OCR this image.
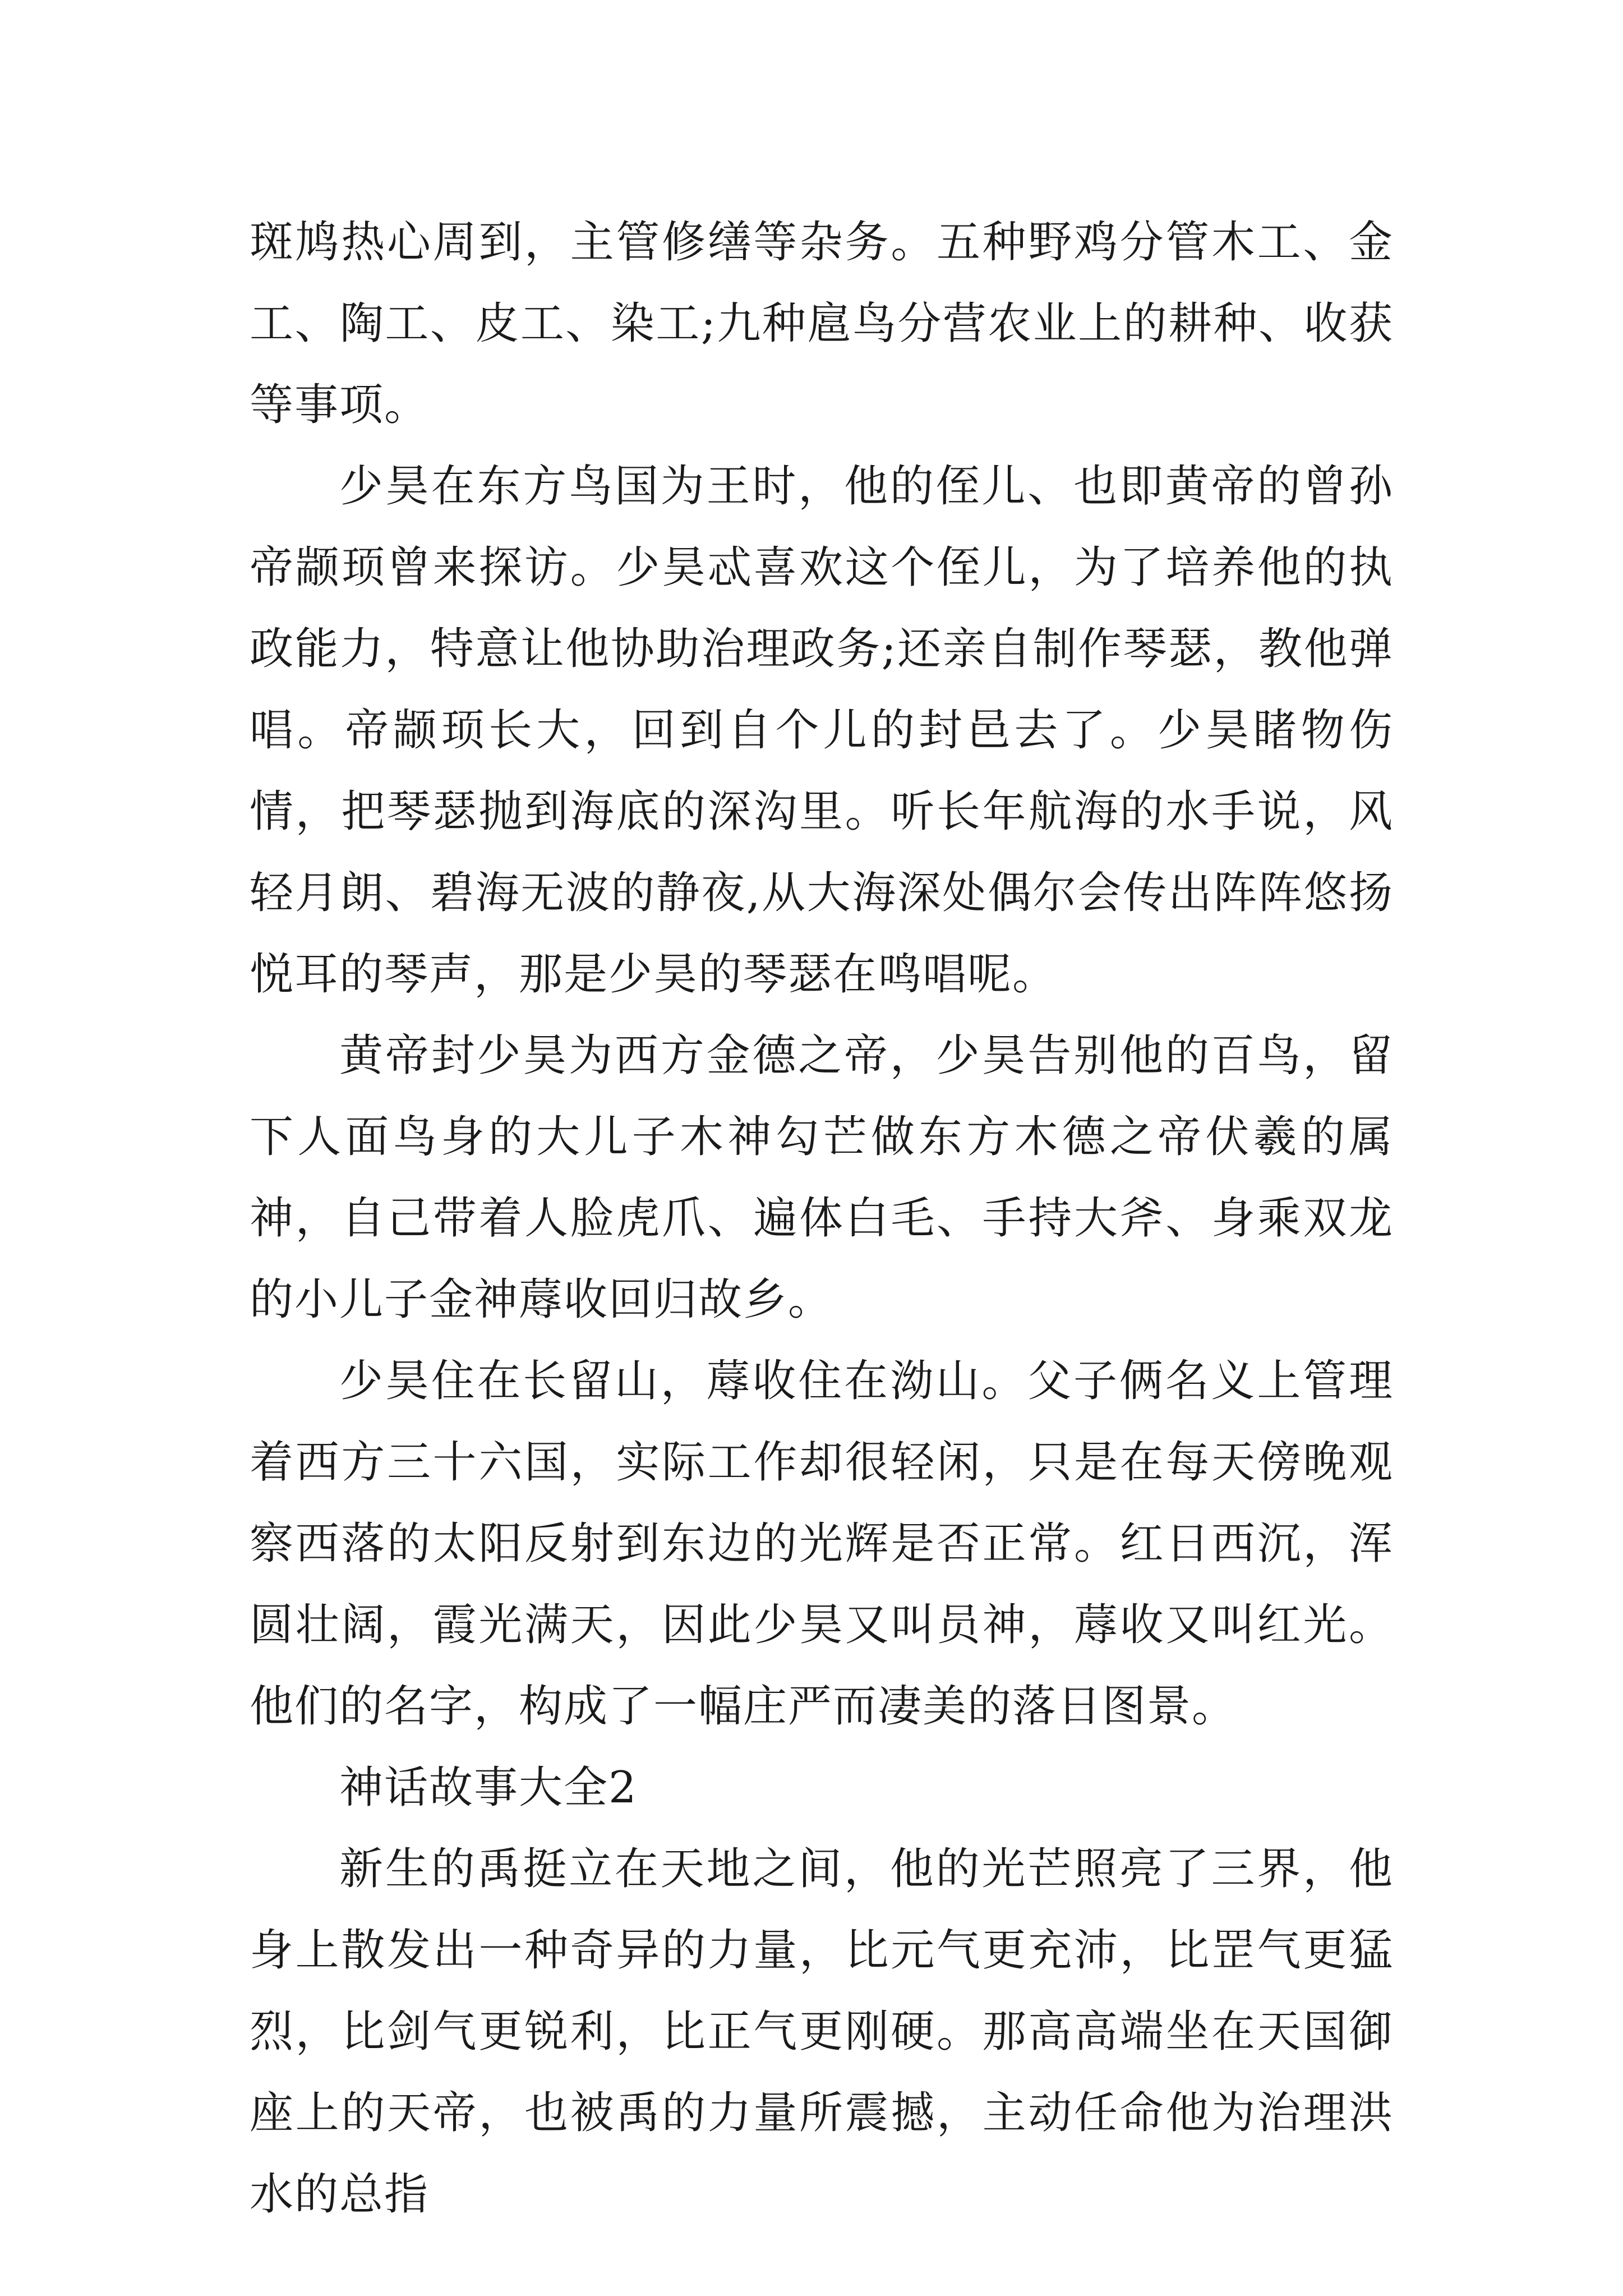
斑鸠热心周到，主管修缮等杂务。五种野鸡分管木工、金工、陶工、皮工、染工;九种扈鸟分营农业上的耕种、收获等事项。

少昊在东方鸟国为王时，他的侄儿、也即黄帝的曾孙帝颛顼曾来探访。少昊忒喜欢这个侄儿，为了培养他的执政能力，特意让他协助治理政务;还亲自制作琴瑟，教他弹唱。帝颛顼长大，回到自个儿的封邑去了。少昊睹物伤情，把琴瑟抛到海底的深沟里。听长年航海的水手说，风轻月朗、碧海无波的静夜,从大海深处偶尔会传出阵阵悠扬悦耳的琴声，那是少昊的琴瑟在鸣唱呢。

黄帝封少昊为西方金德之帝，少昊告别他的百鸟，留下人面鸟身的大儿子木神勾芒做东方木德之帝伏羲的属神，自己带着人脸虎爪、遍体白毛、手持大斧、身乘双龙的小儿子金神蓐收回归故乡。

少昊住在长留山，蓐收住在泑山。父子俩名义上管理着西方三十六国，实际工作却很轻闲，只是在每天傍晚观察西落的太阳反射到东边的光辉是否正常。红日西沉，浑圆壮阔，霞光满天，因此少昊又叫员神，蓐收又叫红光。他们的名字，构成了一幅庄严而凄美的落日图景。

神话故事大全2

新生的禹挺立在天地之间，他的光芒照亮了三界，他身上散发出一种奇异的力量，比元气更充沛，比罡气更猛烈，比剑气更锐利，比正气更刚硬。那高高端坐在天国御座上的天帝，也被禹的力量所震撼，主动任命他为治理洪水的总指
